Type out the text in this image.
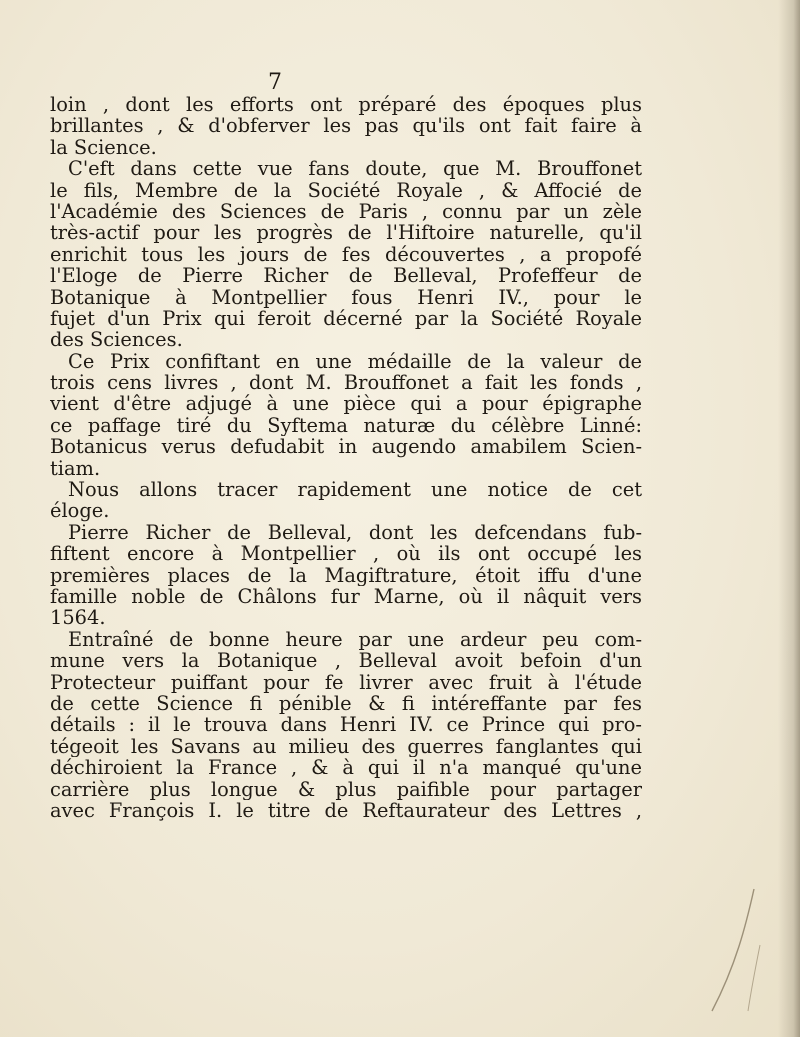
7
loin , dont les efforts ont préparé des époques plus
brillantes , & d'obferver les pas qu'ils ont fait faire à
la Science.
C'eft dans cette vue fans doute, que M. Brouffonet
le fils, Membre de la Société Royale , & Affocié de
l'Académie des Sciences de Paris , connu par un zèle
très-actif pour les progrès de l'Hiftoire naturelle, qu'il
enrichit tous les jours de fes découvertes , a propofé
l'Eloge de Pierre Richer de Belleval, Profeffeur de
Botanique à Montpellier fous Henri IV., pour le
fujet d'un Prix qui feroit décerné par la Société Royale
des Sciences.
Ce Prix confiftant en une médaille de la valeur de
trois cens livres , dont M. Brouffonet a fait les fonds ,
vient d'être adjugé à une pièce qui a pour épigraphe
ce paffage tiré du Syftema naturæ du célèbre Linné:
Botanicus verus defudabit in augendo amabilem Scien-
tiam.
Nous allons tracer rapidement une notice de cet
éloge.
Pierre Richer de Belleval, dont les defcendans fub-
fiftent encore à Montpellier , où ils ont occupé les
premières places de la Magiftrature, étoit iffu d'une
famille noble de Châlons fur Marne, où il nâquit vers
1564.
Entraîné de bonne heure par une ardeur peu com-
mune vers la Botanique , Belleval avoit befoin d'un
Protecteur puiffant pour fe livrer avec fruit à l'étude
de cette Science fi pénible & fi intéreffante par fes
détails : il le trouva dans Henri IV. ce Prince qui pro-
tégeoit les Savans au milieu des guerres fanglantes qui
déchiroient la France , & à qui il n'a manqué qu'une
carrière plus longue & plus paifible pour partager
avec François I. le titre de Reftaurateur des Lettres ,
